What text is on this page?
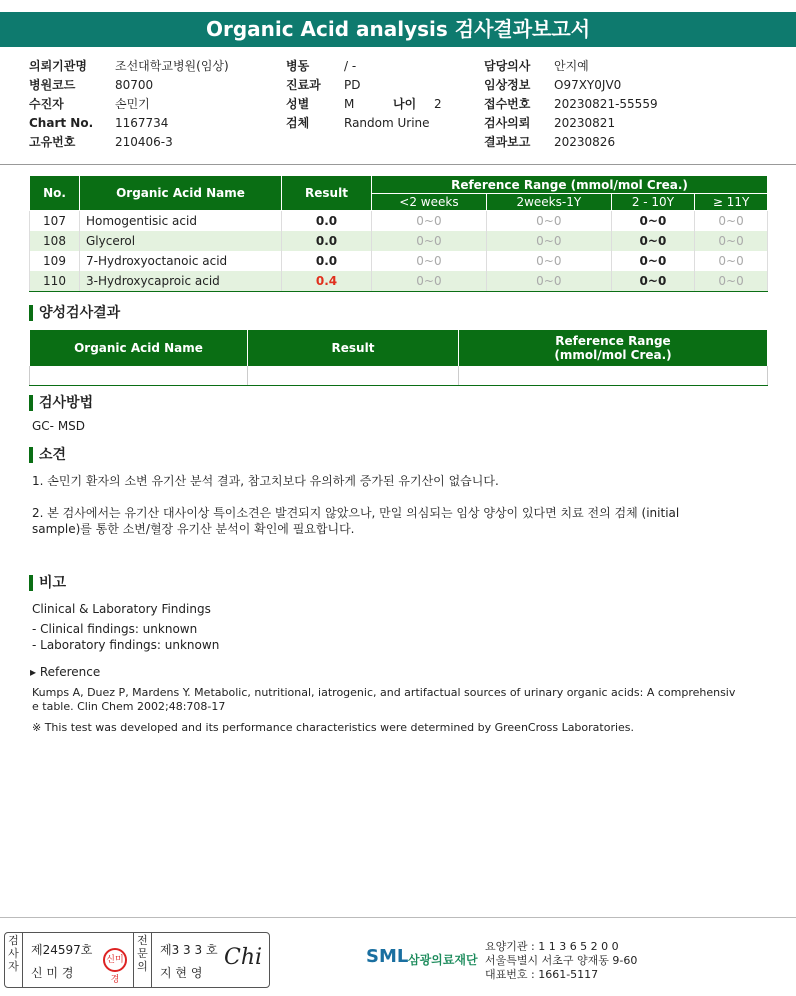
Organic Acid analysis 검사결과보고서
의뢰기관명 조선대학교병원(임상)
병원코드	80700
수진자	손민기
Chart No. 1167734
고유번호	210406-3
병동	/ -
진료과 PD
성별	M
검체	Random Urine
나이 2
담당의사 안지예
임상정보 O97XY0JV0
접수번호 20230821-55559
검사의뢰 20230821
결과보고 20230826
No.	Organic Acid Name	Result	Reference Range (mmol/mol Crea.)			
			<2 weeks	2weeks-1Y	2 - 10Y	≥ 11Y
107	Homogentisic acid	0.0	0~0	0~0	0~0	0~0
108	Glycerol	0.0	0~0	0~0	0~0	0~0
109	7-Hydroxyoctanoic acid	0.0	0~0	0~0	0~0	0~0
110	3-Hydroxycaproic acid	0.4	0~0	0~0	0~0	0~0
양성검사결과
Organic Acid Name	Result	Reference Range
(mmol/mol Crea.)

검사방법
GC- MSD
소견
1. 손민기 환자의 소변 유기산 분석 결과, 참고치보다 유의하게 증가된 유기산이 없습니다.
2. 본 검사에서는 유기산 대사이상 특이소견은 발견되지 않았으나, 만일 의심되는 임상 양상이 있다면 치료 전의 검체 (initial
sample)를 통한 소변/혈장 유기산 분석이 확인에 필요합니다.
비고
Clinical & Laboratory Findings
- Clinical findings: unknown
- Laboratory findings: unknown
▸ Reference
Kumps A, Duez P, Mardens Y. Metabolic, nutritional, iatrogenic, and artifactual sources of urinary organic acids: A comprehensiv
e table. Clin Chem 2002;48:708-17
※ This test was developed and its performance characteristics were determined by GreenCross Laboratories.
검사자
제24597호
신 미 경
신미경
전문의
제3 3 3 호
지 현 영
Chi	SML 삼광의료재단
요양기관 : 1 1 3 6 5 2 0 0
서울특별시 서초구 양재동 9-60
대표번호 : 1661-5117
